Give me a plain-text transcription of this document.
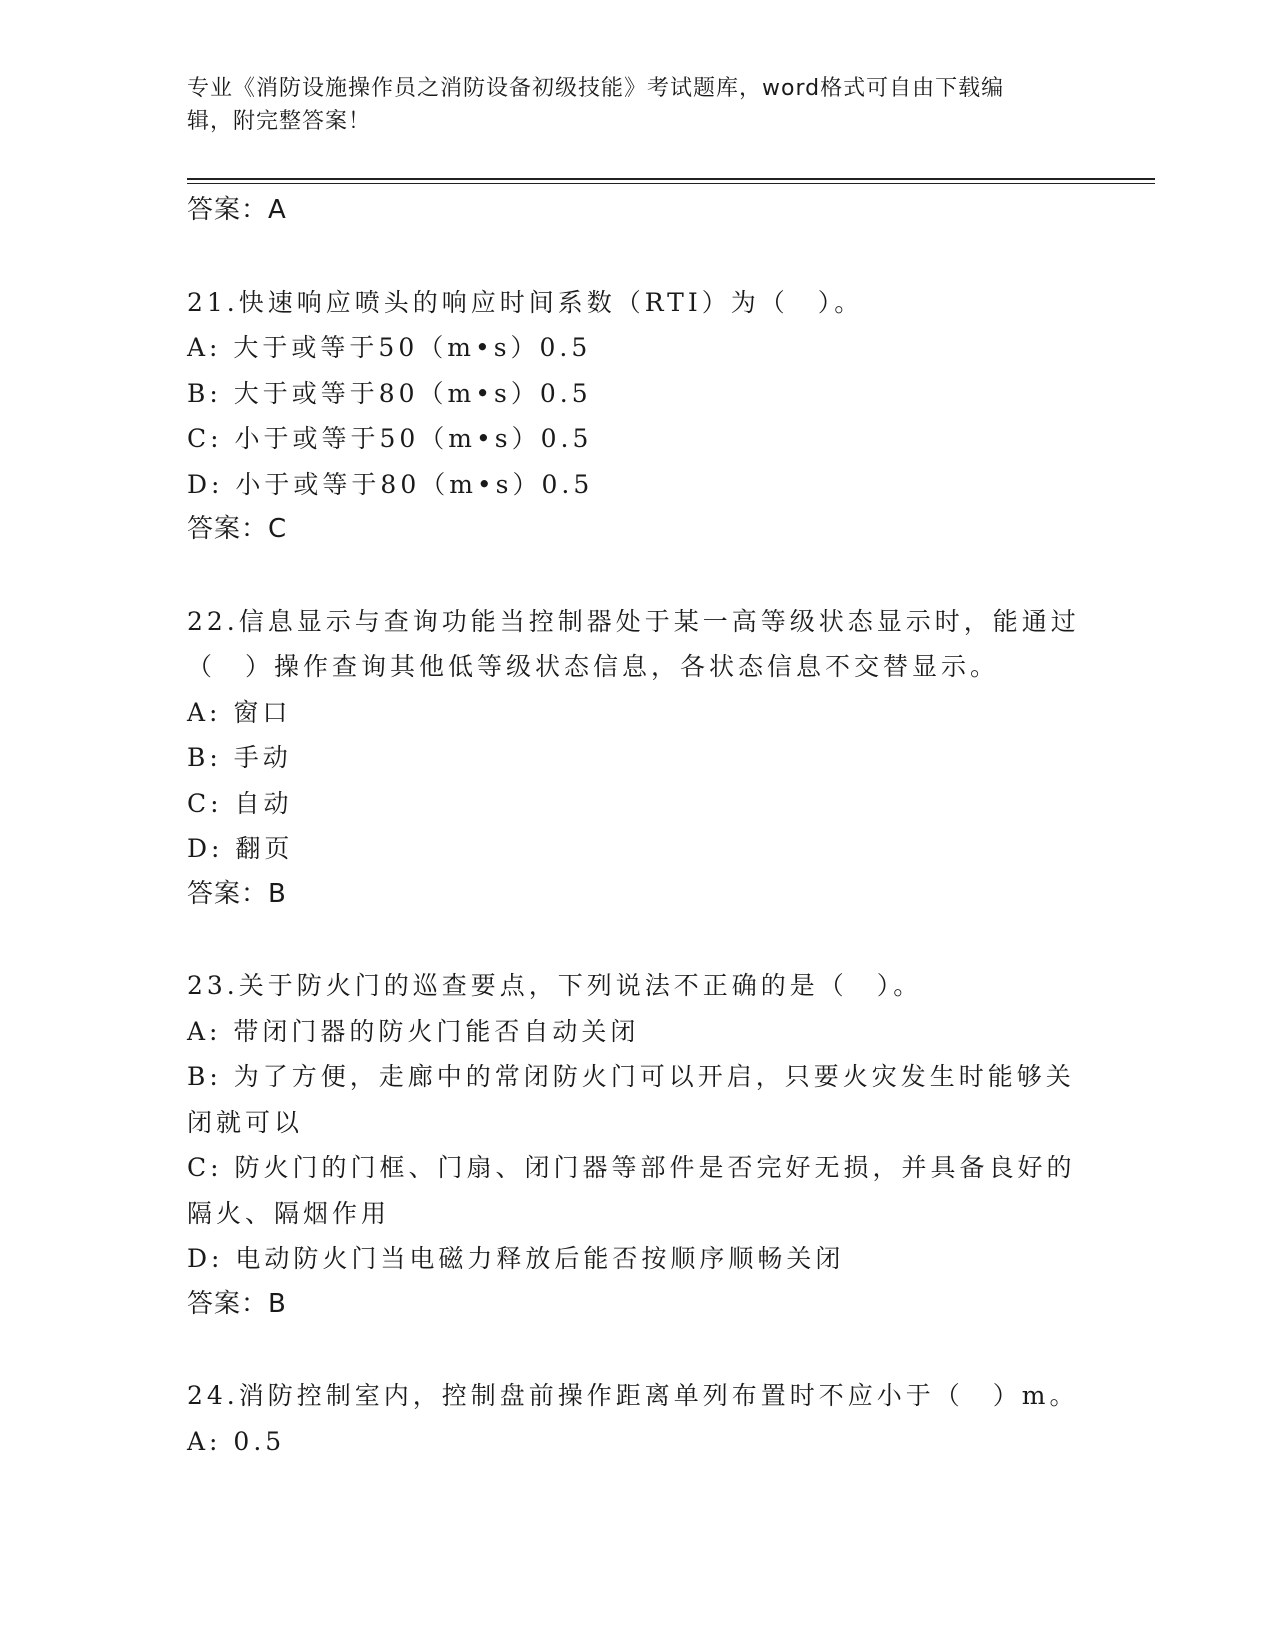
专业《消防设施操作员之消防设备初级技能》考试题库，word格式可自由下载编
辑，附完整答案！
答案：A
21.快速响应喷头的响应时间系数（RTI）为（　）。
A: 大于或等于50（m•s）0.5
B: 大于或等于80（m•s）0.5
C: 小于或等于50（m•s）0.5
D: 小于或等于80（m•s）0.5
答案：C
22.信息显示与查询功能当控制器处于某一高等级状态显示时，能通过
（　）操作查询其他低等级状态信息，各状态信息不交替显示。
A: 窗口
B: 手动
C: 自动
D: 翻页
答案：B
23.关于防火门的巡查要点，下列说法不正确的是（　）。
A: 带闭门器的防火门能否自动关闭
B: 为了方便，走廊中的常闭防火门可以开启，只要火灾发生时能够关
闭就可以
C: 防火门的门框、门扇、闭门器等部件是否完好无损，并具备良好的
隔火、隔烟作用
D: 电动防火门当电磁力释放后能否按顺序顺畅关闭
答案：B
24.消防控制室内，控制盘前操作距离单列布置时不应小于（　）m。
A: 0.5
